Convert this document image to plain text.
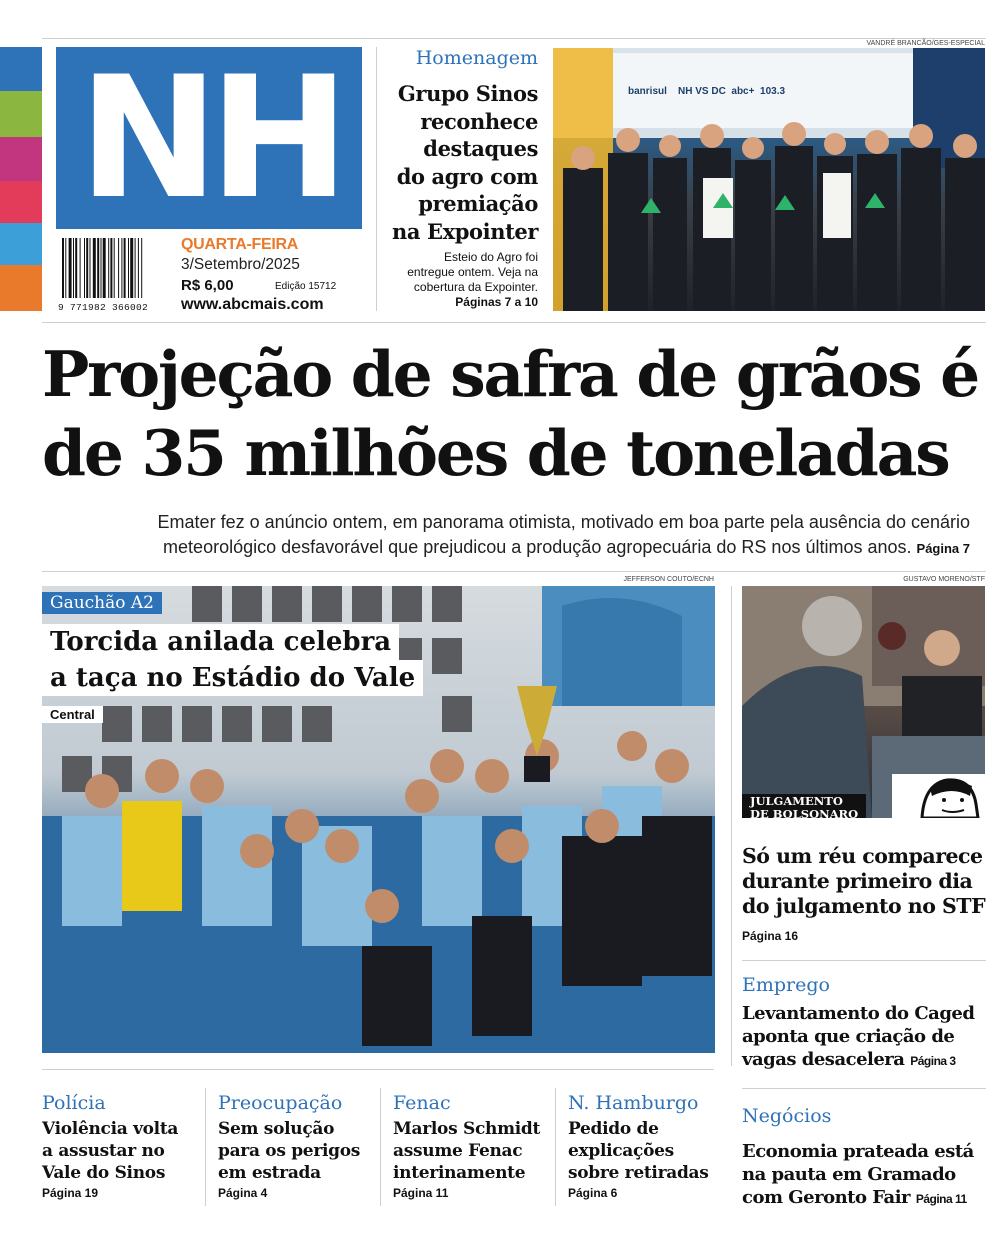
NH
9 771982 366002
QUARTA-FEIRA
3/Setembro/2025
R$ 6,00	Edição 15712
www.abcmais.com
Homenagem
Grupo Sinos
reconhece
destaques
do agro com
premiação
na Expointer
Esteio do Agro foi
entregue ontem. Veja na
cobertura da Expointer.
Páginas 7 a 10
VANDRÉ BRANCÃO/GES-ESPECIAL
banrisul NH VS DC abc+ 103.3
Projeção de safra de grãos é
de 35 milhões de toneladas
Emater fez o anúncio ontem, em panorama otimista, motivado em boa parte pela ausência do cenário
meteorológico desfavorável que prejudicou a produção agropecuária do RS nos últimos anos. Página 7
JEFFERSON COUTO/ECNH
Gauchão A2
Torcida anilada celebra
a taça no Estádio do Vale
Central
GUSTAVO MORENO/STF
JULGAMENTO
DE BOLSONARO
Só um réu comparece
durante primeiro dia
do julgamento no STF
Página 16
Emprego
Levantamento do Caged
aponta que criação de
vagas desacelera Página 3
Negócios
Economia prateada está
na pauta em Gramado
com Geronto Fair Página 11
Polícia
Violência volta
a assustar no
Vale do Sinos
Página 19
Preocupação
Sem solução
para os perigos
em estrada
Página 4
Fenac
Marlos Schmidt
assume Fenac
interinamente
Página 11
N. Hamburgo
Pedido de
explicações
sobre retiradas
Página 6
